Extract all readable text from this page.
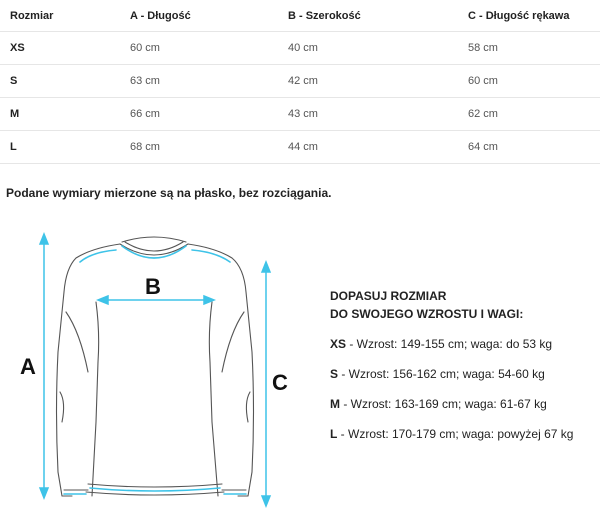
Rozmiar	A - Długość	B - Szerokość	C - Długość rękawa
XS	60 cm	40 cm	58 cm
S	63 cm	42 cm	60 cm
M	66 cm	43 cm	62 cm
L	68 cm	44 cm	64 cm
Podane wymiary mierzone są na płasko, bez rozciągania.
A
B
C
DOPASUJ ROZMIAR
DO SWOJEGO WZROSTU I WAGI:
XS - Wzrost: 149-155 cm; waga: do 53 kg
S - Wzrost: 156-162 cm; waga: 54-60 kg
M - Wzrost: 163-169 cm; waga: 61-67 kg
L - Wzrost: 170-179 cm; waga: powyżej 67 kg
